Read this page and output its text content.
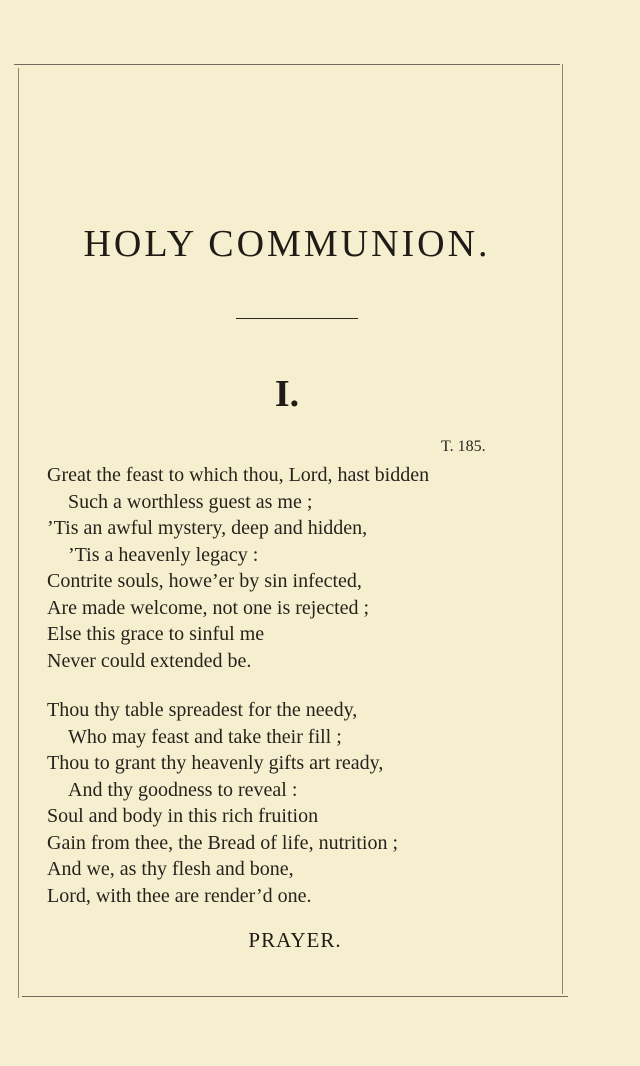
HOLY COMMUNION.
I.
T. 185.
Great the feast to which thou, Lord, hast bidden
Such a worthless guest as me ;
’Tis an awful mystery, deep and hidden,
’Tis a heavenly legacy :
Contrite souls, howe’er by sin infected,
Are made welcome, not one is rejected ;
Else this grace to sinful me
Never could extended be.
Thou thy table spreadest for the needy,
Who may feast and take their fill ;
Thou to grant thy heavenly gifts art ready,
And thy goodness to reveal :
Soul and body in this rich fruition
Gain from thee, the Bread of life, nutrition ;
And we, as thy flesh and bone,
Lord, with thee are render’d one.
PRAYER.
